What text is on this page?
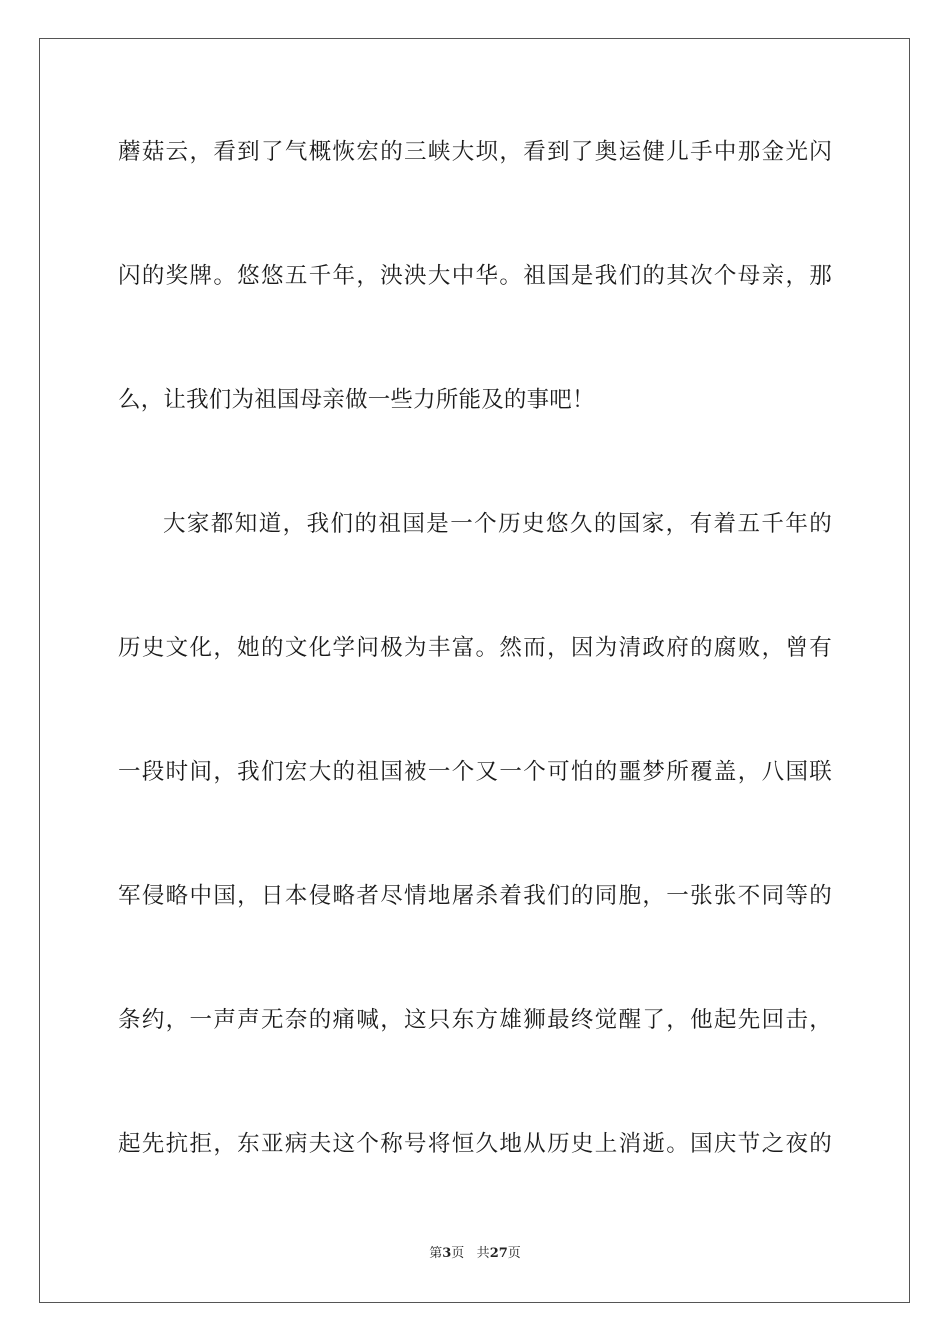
蘑菇云，看到了气概恢宏的三峡大坝，看到了奥运健儿手中那金光闪
闪的奖牌。悠悠五千年，泱泱大中华。祖国是我们的其次个母亲，那
么，让我们为祖国母亲做一些力所能及的事吧！
大家都知道，我们的祖国是一个历史悠久的国家，有着五千年的
历史文化，她的文化学问极为丰富。然而，因为清政府的腐败，曾有
一段时间，我们宏大的祖国被一个又一个可怕的噩梦所覆盖，八国联
军侵略中国，日本侵略者尽情地屠杀着我们的同胞，一张张不同等的
条约，一声声无奈的痛喊，这只东方雄狮最终觉醒了，他起先回击，
起先抗拒，东亚病夫这个称号将恒久地从历史上消逝。国庆节之夜的
第3页 共27页
